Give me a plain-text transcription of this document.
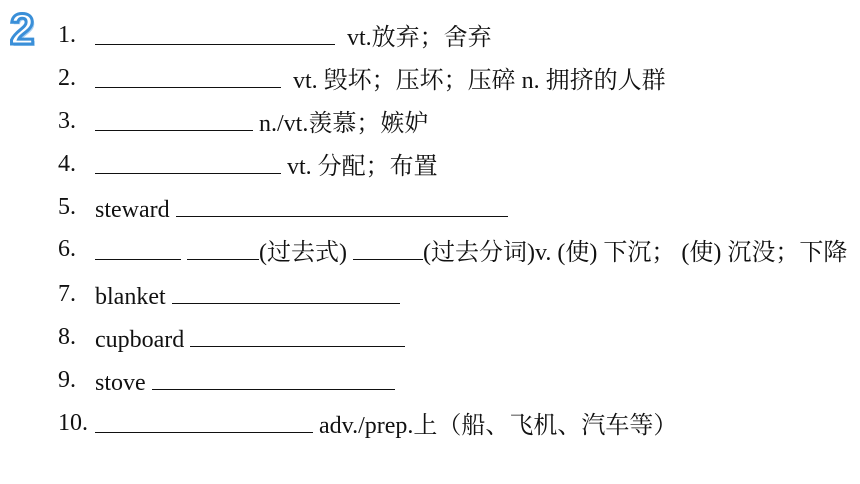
2 1.	vt.放弃；舍弃
2.	vt. 毁坏；压坏；压碎 n. 拥挤的人群
3.	n./vt.羡慕；嫉妒
4.	vt. 分配；布置
5. steward
6.	(过去式)	(过去分词)v. (使) 下沉； (使) 沉没；下降
7. blanket
8. cupboard
9. stove
10.	adv./prep.上（船、飞机、汽车等）
